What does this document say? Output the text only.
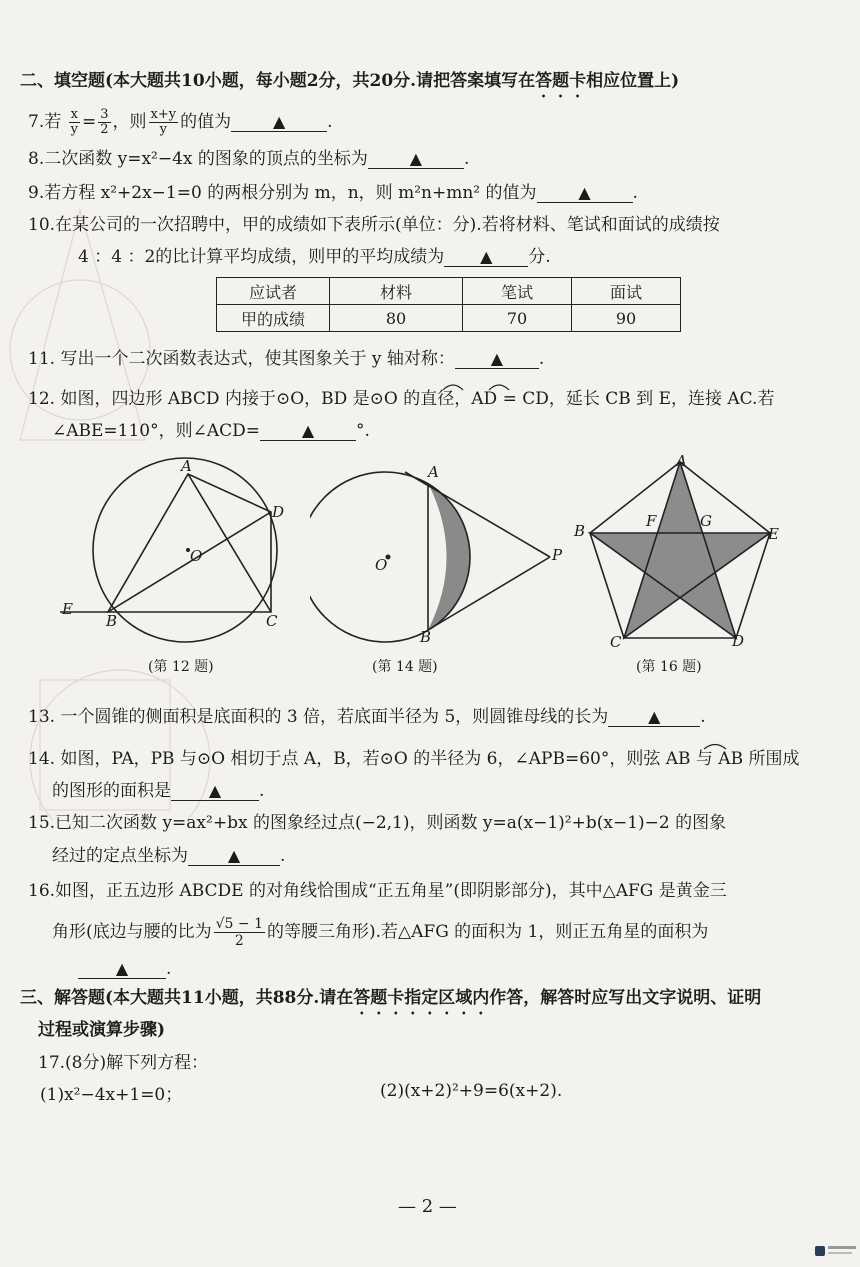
二、填空题(本大题共10小题，每小题2分，共20分.请把答案填写在答题卡相应位置上)
7.若 $\frac{x}{y} = \frac{3}{2}$ ，则 $\frac{x+y}{y}$ 的值为	▲ .
8.二次函数 y=x²−4x 的图象的顶点的坐标为	▲ .
9.若方程 x²+2x−1=0 的两根分别为 m，n，则 m²n+mn² 的值为	▲ .
10.在某公司的一次招聘中，甲的成绩如下表所示(单位：分).若将材料、笔试和面试的成绩按
4 ：4 ：2的比计算平均成绩，则甲的平均成绩为 ▲ 分.
应试者	材料	笔试	面试
甲的成绩	80	70	90
11. 写出一个二次函数表达式，使其图象关于 y 轴对称： ▲ .
12. 如图，四边形 ABCD 内接于⊙O，BD 是⊙O 的直径，AD = CD，延长 CB 到 E，连接 AC.若
∠ABE=110°，则∠ACD=	▲ °.
A
D
O
E
B	C
(第 12 题)
A
O
P
B
(第 14 题)
A
B	E
F	G
C	D
(第 16 题)
13. 一个圆锥的侧面积是底面积的 3 倍，若底面半径为 5，则圆锥母线的长为 ▲ .
14. 如图，PA，PB 与⊙O 相切于点 A，B，若⊙O 的半径为 6，∠APB=60°，则弦 AB 与 AB 所围成
的图形的面积是 ▲ .
15.已知二次函数 y=ax²+bx 的图象经过点(−2,1)，则函数 y=a(x−1)²+b(x−1)−2 的图象
经过的定点坐标为 ▲ .
16.如图，正五边形 ABCDE 的对角线恰围成“正五角星”(即阴影部分)，其中△AFG 是黄金三
角形(底边与腰的比为 $\frac{√5 - 1}{2}$ 的等腰三角形).若△AFG 的面积为 1，则正五角星的面积为
▲ .
三、解答题(本大题共11小题，共88分.请在答题卡指定区域内作答，解答时应写出文字说明、证明
过程或演算步骤)
17.(8分)解下列方程：
(1)x²−4x+1=0；	(2)(x+2)²+9=6(x+2).
— 2 —
